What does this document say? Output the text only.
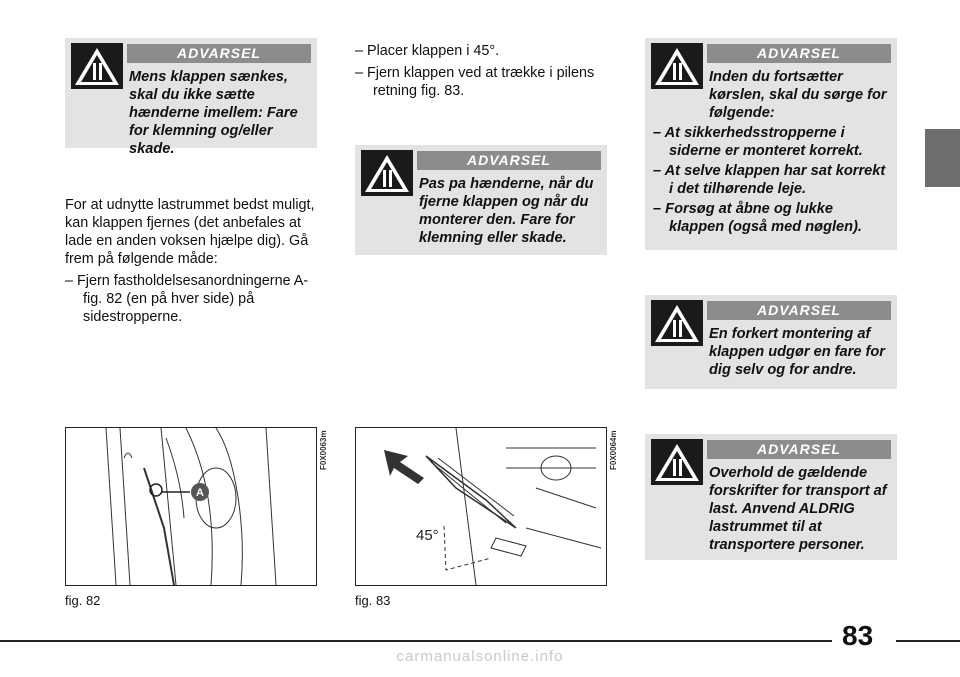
ADVARSEL
Mens klappen sænkes, skal du ikke sætte hænderne imellem: Fare for klemning og/eller skade.
ADVARSEL
Pas pa hænderne, når du fjerne klappen og når du monterer den. Fare for klemning eller skade.
ADVARSEL
Inden du fortsætter kørslen, skal du sørge for følgende:

– At sikkerhedsstropperne i siderne er monteret korrekt.

– At selve klappen har sat korrekt i det tilhørende leje.

– Forsøg at åbne og lukke klappen (også med nøglen).

ADVARSEL
En forkert montering af klappen udgør en fare for dig selv og for andre.
ADVARSEL
Overhold de gældende forskrifter for transport af last. Anvend ALDRIG lastrummet til at transportere personer.

For at udnytte lastrummet bedst muligt, kan klappen fjernes (det anbefales at lade en anden voksen hjælpe dig). Gå frem på følgende måde:

– Fjern fastholdelsesanordningerne A-fig. 82 (en på hver side) på sidestropperne.

– Placer klappen i 45°.

– Fjern klappen ved at trække i pilens retning fig. 83.

A
F0X0063m
fig. 82
45°
F0X0064m
fig. 83
83
carmanualsonline.info
